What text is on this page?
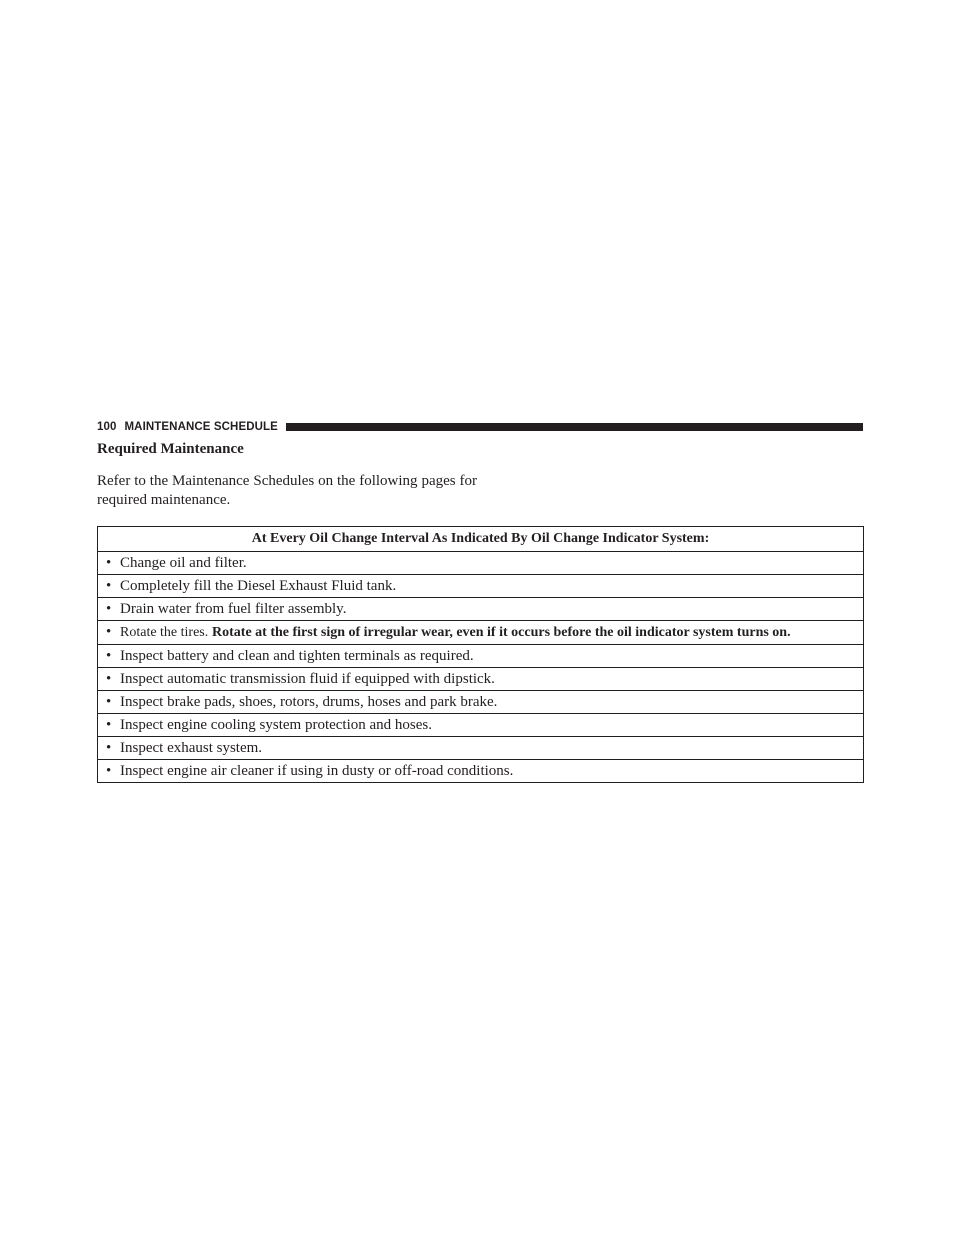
100 MAINTENANCE SCHEDULE
Required Maintenance

Refer to the Maintenance Schedules on the following pages for required maintenance.

At Every Oil Change Interval As Indicated By Oil Change Indicator System:

• Change oil and filter.

• Completely fill the Diesel Exhaust Fluid tank.

• Drain water from fuel filter assembly.

• Rotate the tires. Rotate at the first sign of irregular wear, even if it occurs before the oil indicator system turns on.

• Inspect battery and clean and tighten terminals as required.

• Inspect automatic transmission fluid if equipped with dipstick.

• Inspect brake pads, shoes, rotors, drums, hoses and park brake.

• Inspect engine cooling system protection and hoses.

• Inspect exhaust system.

• Inspect engine air cleaner if using in dusty or off-road conditions.
